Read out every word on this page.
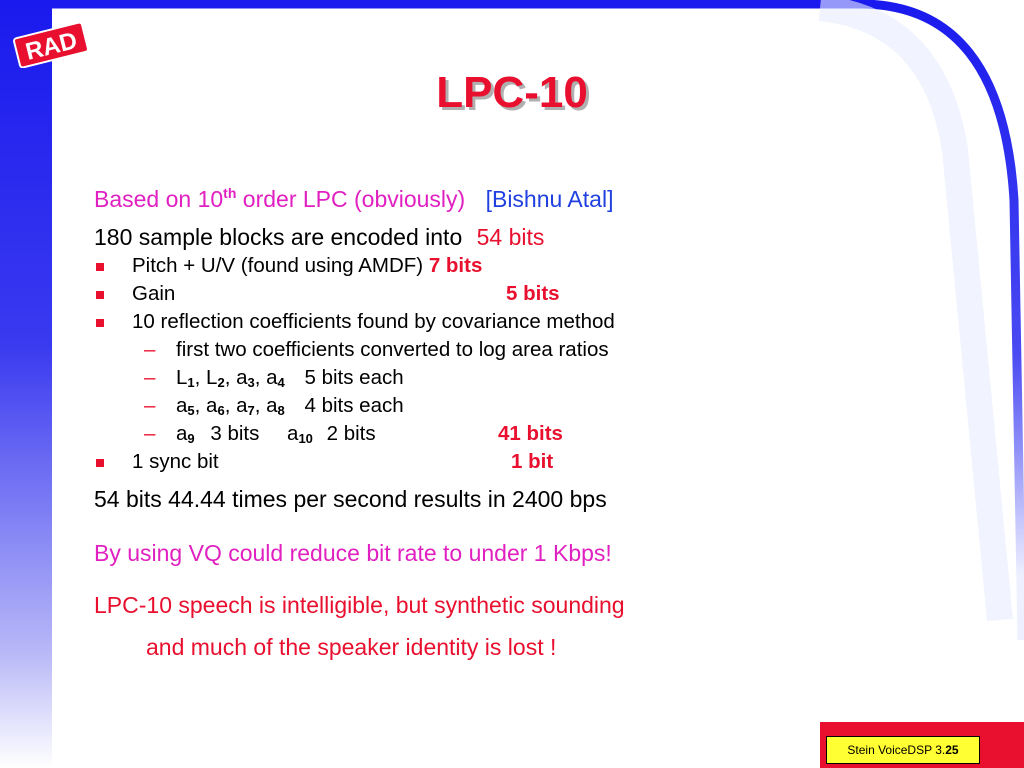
RAD
LPC-10
Based on 10th order LPC (obviously) [Bishnu Atal]
180 sample blocks are encoded into 54 bits
Pitch + U/V (found using AMDF) 7 bits
Gain	5 bits
10 reflection coefficients found by covariance method
– first two coefficients converted to log area ratios
– $L_1$, $L_2$, $a_3$, $a_4$ 5 bits each
– $a_5$, $a_6$, $a_7$, $a_8$ 4 bits each
– $a_9$ 3 bits $a_{10}$ 2 bits	41 bits
1 sync bit	1 bit
54 bits 44.44 times per second results in 2400 bps
By using VQ could reduce bit rate to under 1 Kbps!
LPC-10 speech is intelligible, but synthetic sounding
and much of the speaker identity is lost !
Stein VoiceDSP 3.25
